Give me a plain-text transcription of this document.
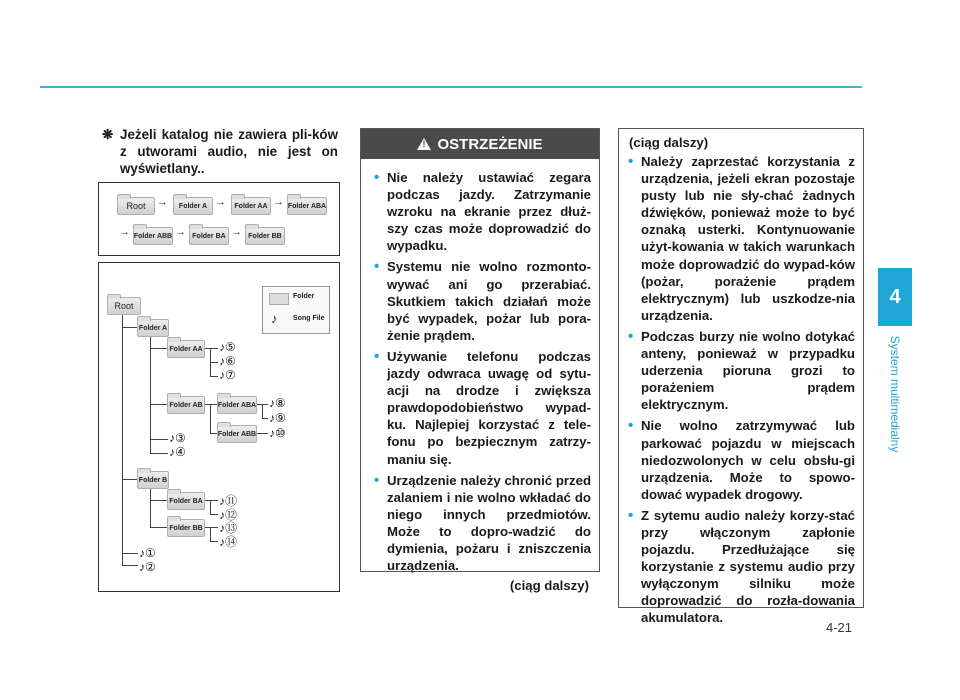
4
System multimedialny
❋ Jeżeli katalog nie zawiera pli-ków z utworami audio, nie jest on wyświetlany..
Root	→	Folder A →	Folder AA → Folder ABA
→ Folder ABB → Folder BA → Folder BB
Root
Folder A
Folder AA
Folder AB	Folder ABA
Folder ABB
Folder B
Folder BA
Folder BB
♪⑤
♪⑥
♪⑦
♪⑧
♪⑨
♪⑩
♪③
♪④
♪⑪
♪⑫
♪⑬
♪⑭
♪①
♪②
Folder
♪ Song File
!
OSTRZEŻENIE
• Nie należy ustawiać zegara podczas jazdy. Zatrzymanie wzroku na ekranie przez dłuż-szy czas może doprowadzić do wypadku.
• Systemu nie wolno rozmonto-wywać ani go przerabiać. Skutkiem takich działań może być wypadek, pożar lub pora-żenie prądem.
• Używanie telefonu podczas jazdy odwraca uwagę od sytu-acji na drodze i zwiększa prawdopodobieństwo wypad-ku. Najlepiej korzystać z tele-fonu po bezpiecznym zatrzy-maniu się.
• Urządzenie należy chronić przed zalaniem i nie wolno wkładać do niego innych przedmiotów. Może to dopro-wadzić do dymienia, pożaru i zniszczenia urządzenia.
(ciąg dalszy)
(ciąg dalszy)
• Należy zaprzestać korzystania z urządzenia, jeżeli ekran pozostaje pusty lub nie sły-chać żadnych dźwięków, ponieważ może to być oznaką usterki. Kontynuowanie użyt-kowania w takich warunkach może doprowadzić do wypad-ków (pożar, porażenie prądem elektrycznym) lub uszkodze-nia urządzenia.
• Podczas burzy nie wolno dotykać anteny, ponieważ w przypadku uderzenia pioruna grozi to porażeniem prądem elektrycznym.
• Nie wolno zatrzymywać lub parkować pojazdu w miejscach niedozwolonych w celu obsłu-gi urządzenia. Może to spowo-dować wypadek drogowy.
• Z sytemu audio należy korzy-stać przy włączonym zapłonie pojazdu. Przedłużające się korzystanie z systemu audio przy wyłączonym silniku może doprowadzić do rozła-dowania akumulatora.
4-21
